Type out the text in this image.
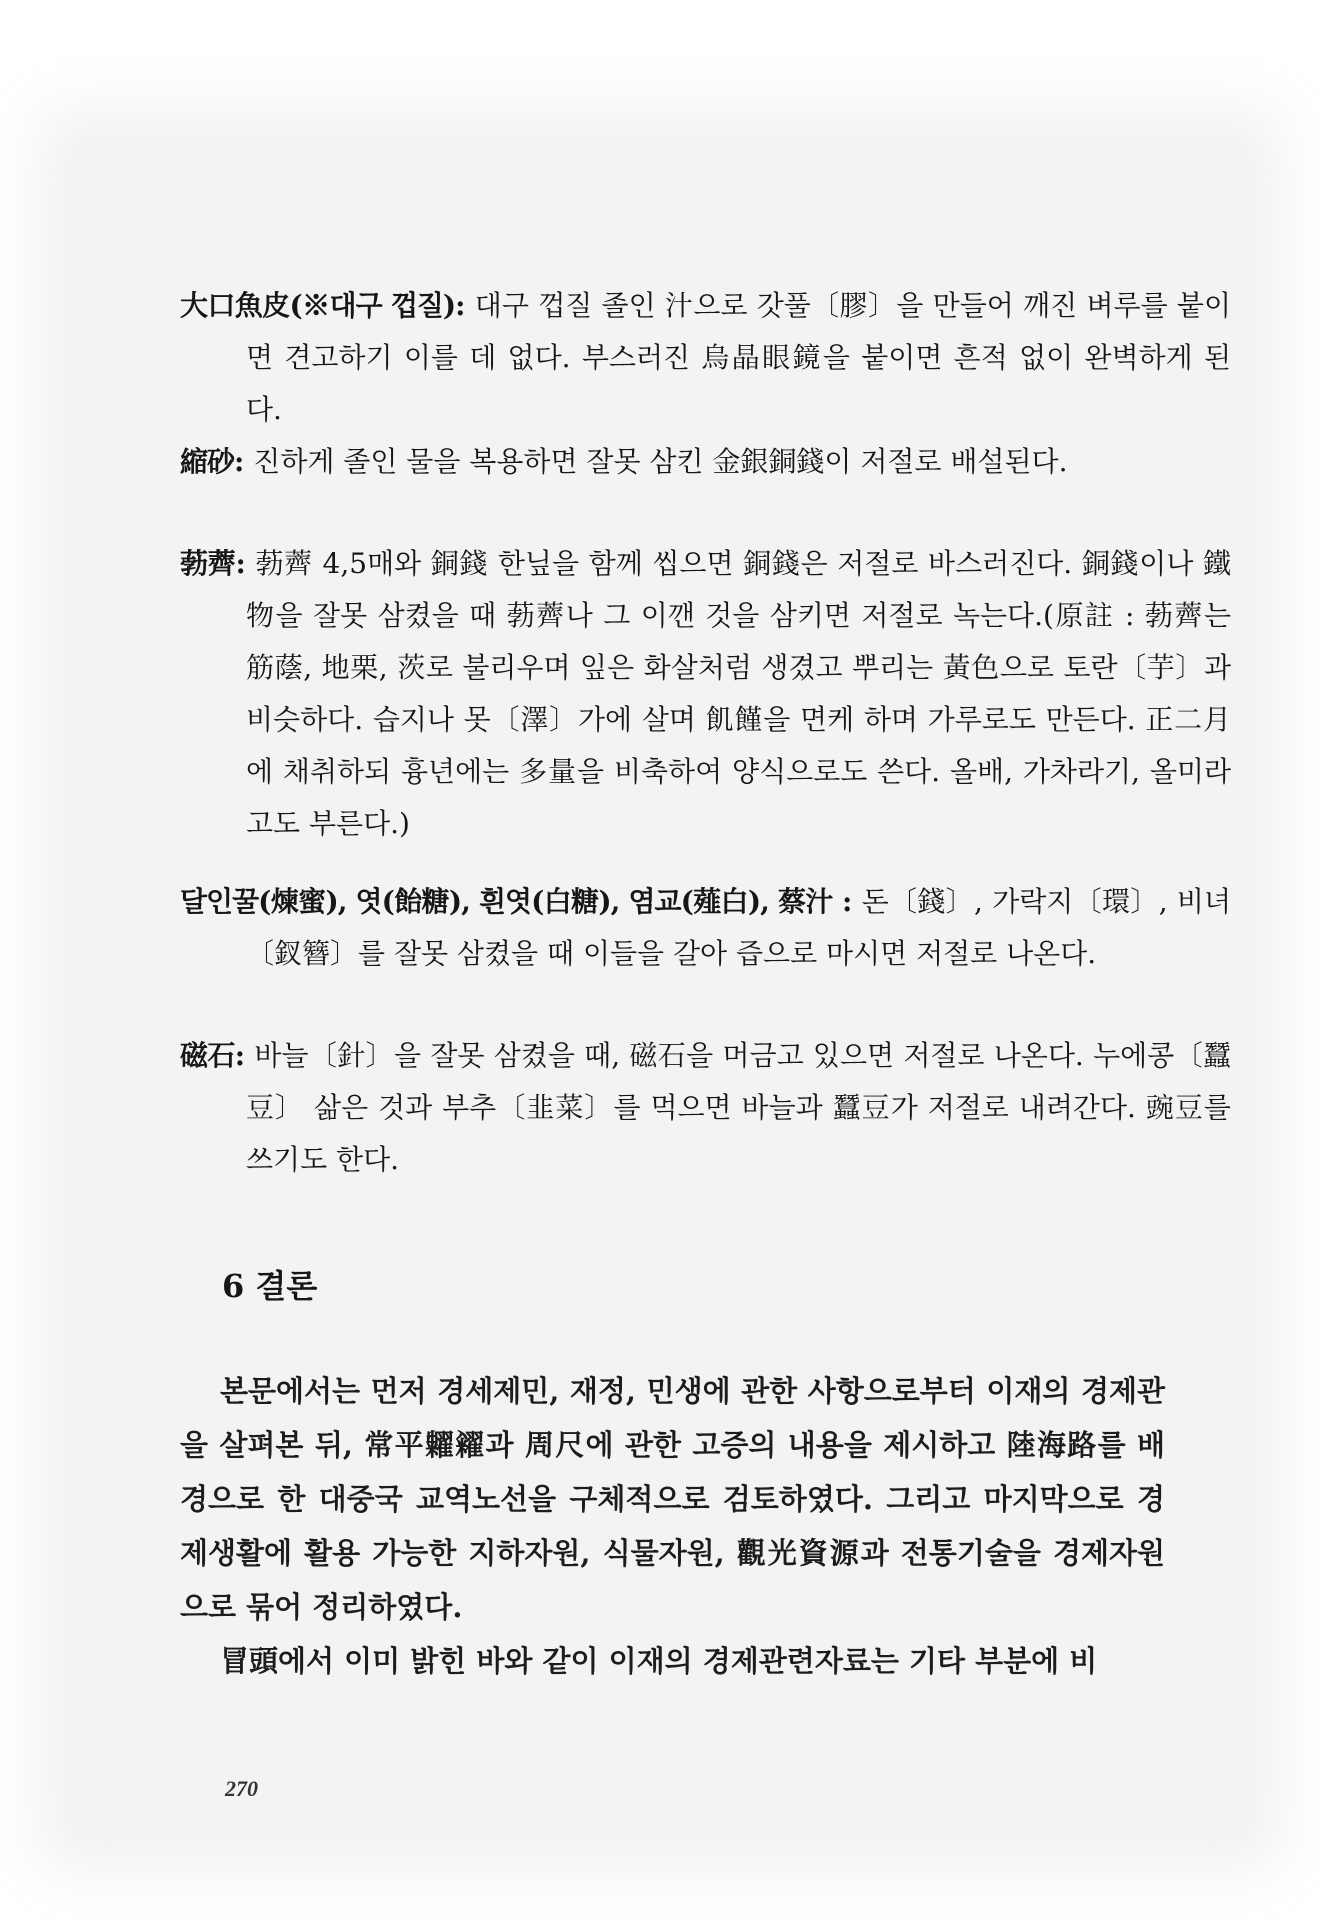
大口魚皮(※대구 껍질): 대구 껍질 졸인 汁으로 갓풀〔膠〕을 만들어 깨진 벼루를 붙이면 견고하기 이를 데 없다. 부스러진 烏晶眼鏡을 붙이면 흔적 없이 완벽하게 된다.

縮砂: 진하게 졸인 물을 복용하면 잘못 삼킨 金銀銅錢이 저절로 배설된다.

葧薺: 葧薺 4,5매와 銅錢 한닢을 함께 씹으면 銅錢은 저절로 바스러진다. 銅錢이나 鐵物을 잘못 삼켰을 때 葧薺나 그 이깬 것을 삼키면 저절로 녹는다.(原註 : 葧薺는 筋蔭, 地栗, 茨로 불리우며 잎은 화살처럼 생겼고 뿌리는 黃色으로 토란〔芋〕과 비슷하다. 습지나 못〔澤〕가에 살며 飢饉을 면케 하며 가루로도 만든다. 正二月에 채취하되 흉년에는 多量을 비축하여 양식으로도 쓴다. 올배, 가차라기, 올미라고도 부른다.)

달인꿀(煉蜜), 엿(飴糖), 흰엿(白糖), 염교(薤白), 蔡汁 : 돈〔錢〕, 가락지〔環〕, 비녀〔釵簪〕를 잘못 삼켰을 때 이들을 갈아 즙으로 마시면 저절로 나온다.

磁石: 바늘〔針〕을 잘못 삼켰을 때, 磁石을 머금고 있으면 저절로 나온다. 누에콩〔蠶豆〕 삶은 것과 부추〔韭菜〕를 먹으면 바늘과 蠶豆가 저절로 내려간다. 豌豆를 쓰기도 한다.

6 결론

본문에서는 먼저 경세제민, 재정, 민생에 관한 사항으로부터 이재의 경제관을 살펴본 뒤, 常平糶糴과 周尺에 관한 고증의 내용을 제시하고 陸海路를 배경으로 한 대중국 교역노선을 구체적으로 검토하였다. 그리고 마지막으로 경제생활에 활용 가능한 지하자원, 식물자원, 觀光資源과 전통기술을 경제자원으로 묶어 정리하였다.

冒頭에서 이미 밝힌 바와 같이 이재의 경제관련자료는 기타 부분에 비

270
